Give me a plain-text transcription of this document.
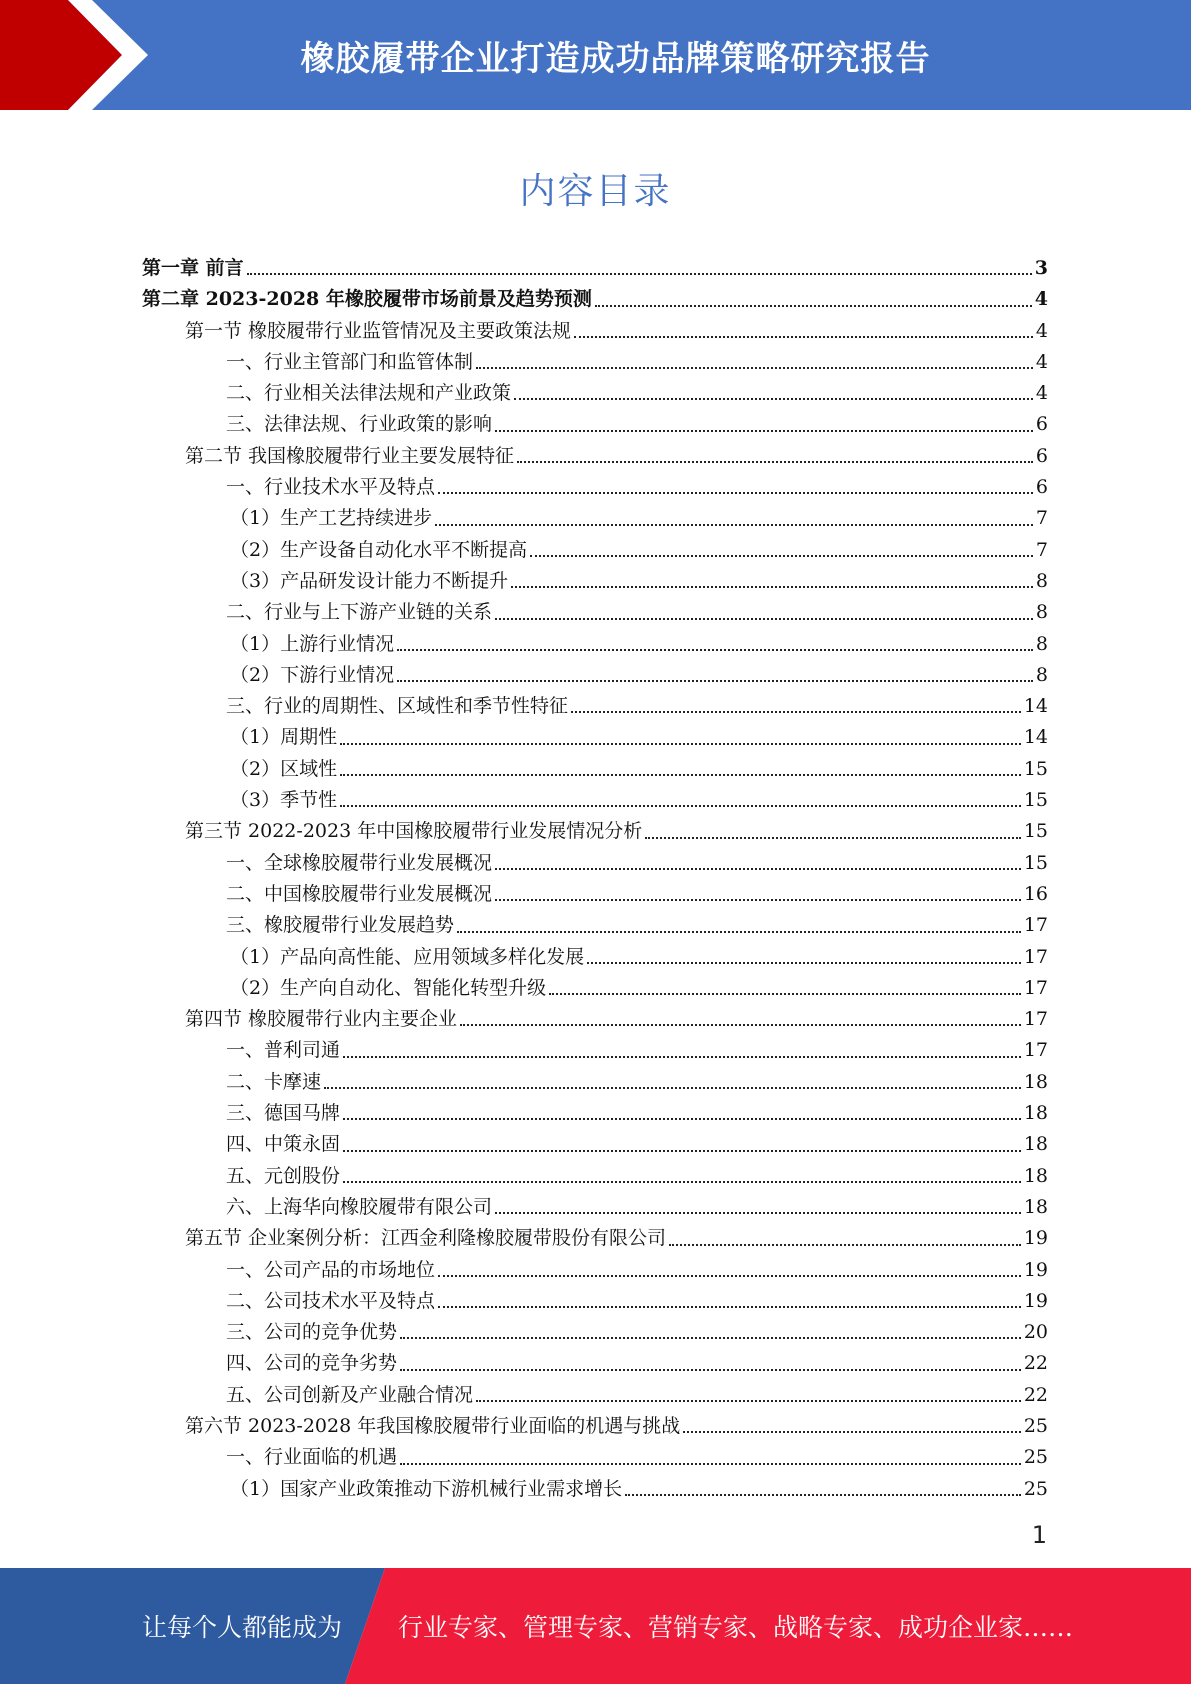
橡胶履带企业打造成功品牌策略研究报告
内容目录
第一章 前言	3
第二章 2023-2028 年橡胶履带市场前景及趋势预测	4
第一节 橡胶履带行业监管情况及主要政策法规	4
一、行业主管部门和监管体制	4
二、行业相关法律法规和产业政策	4
三、法律法规、行业政策的影响	6
第二节 我国橡胶履带行业主要发展特征	6
一、行业技术水平及特点	6
（1）生产工艺持续进步	7
（2）生产设备自动化水平不断提高	7
（3）产品研发设计能力不断提升	8
二、行业与上下游产业链的关系	8
（1）上游行业情况	8
（2）下游行业情况	8
三、行业的周期性、区域性和季节性特征	14
（1）周期性	14
（2）区域性	15
（3）季节性	15
第三节 2022-2023 年中国橡胶履带行业发展情况分析	15
一、全球橡胶履带行业发展概况	15
二、中国橡胶履带行业发展概况	16
三、橡胶履带行业发展趋势	17
（1）产品向高性能、应用领域多样化发展	17
（2）生产向自动化、智能化转型升级	17
第四节 橡胶履带行业内主要企业	17
一、普利司通	17
二、卡摩速	18
三、德国马牌	18
四、中策永固	18
五、元创股份	18
六、上海华向橡胶履带有限公司	18
第五节 企业案例分析：江西金利隆橡胶履带股份有限公司	19
一、公司产品的市场地位	19
二、公司技术水平及特点	19
三、公司的竞争优势	20
四、公司的竞争劣势	22
五、公司创新及产业融合情况	22
第六节 2023-2028 年我国橡胶履带行业面临的机遇与挑战	25
一、行业面临的机遇	25
（1）国家产业政策推动下游机械行业需求增长	25
1
让每个人都能成为 行业专家、管理专家、营销专家、战略专家、成功企业家……
